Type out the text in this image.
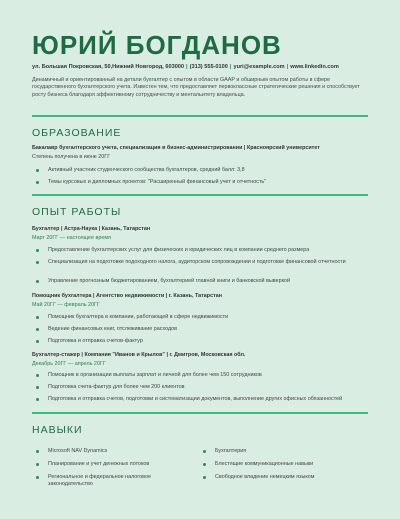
ЮРИЙ БОГДАНОВ
ул. Большая Покровская, 50,Нижний Новгород, 603000 | (313) 555-0100 | yuri@example.com | www.linkedin.com
Динамичный и ориентированный на детали бухгалтер с опытом в области GAAP и обширным опытом работы в сфере государственного бухгалтерского учета. Известен тем, что предоставляет первоклассные стратегические решения и способствует росту бизнеса благодаря эффективному сотрудничеству и ментальитету владельца.
ОБРАЗОВАНИЕ
Бакалавр бухгалтерского учета, специализация в бизнес-администрировании | Красноярский университет
Степень получена в июне 20ГГ
Активный участник студенческого сообщества бухгалтеров, средний балл: 3,8
Темы курсовых и дипломных проектов: "Расширенный финансовый учет и отчетность"
ОПЫТ РАБОТЫ
Бухгалтер | Астра-Наука | Казань, Татарстан
Март 20ГГ — настоящее время
Предоставление бухгалтерских услуг для физических и юридических лиц в компании среднего размера
Специализация на подготовке подоходного налога, аудиторском сопровождении и подготовке финансовой отчетности
Управление прогнозным бюджетированием, бухгалтерией главной книги и банковской выверкой
Помощник бухгалтера | Агентство недвижимости | г. Казань, Татарстан
Май 20ГГ — февраль 20ГГ
Помощник бухгалтера в компании, работающей в сфере недвижимости
Ведение финансовых книг, отслеживание расходов
Подготовка и отправка счетов-фактур
Бухгалтер-стажер | Компания "Иванов и Крылов" | г. Дмитров, Московская обл.
Декабрь 20ГГ — апрель 20ГГ
Помощник в организации выплаты зарплат и личной для более чем 150 сотрудников
Подготовка счета-фактур для более чем 200 клиентов
Подготовка и отправка счетов, подготовки и систематизации документов, выполнение других офисных обязанностей
НАВЫКИ
Microsoft NAV Dynamics
Планирование и учет денежных потоков
Региональное и федеральное налоговое законодательство
Бухгалтерия
Блестящие коммуникационные навыки
Свободное владение немецким языком
